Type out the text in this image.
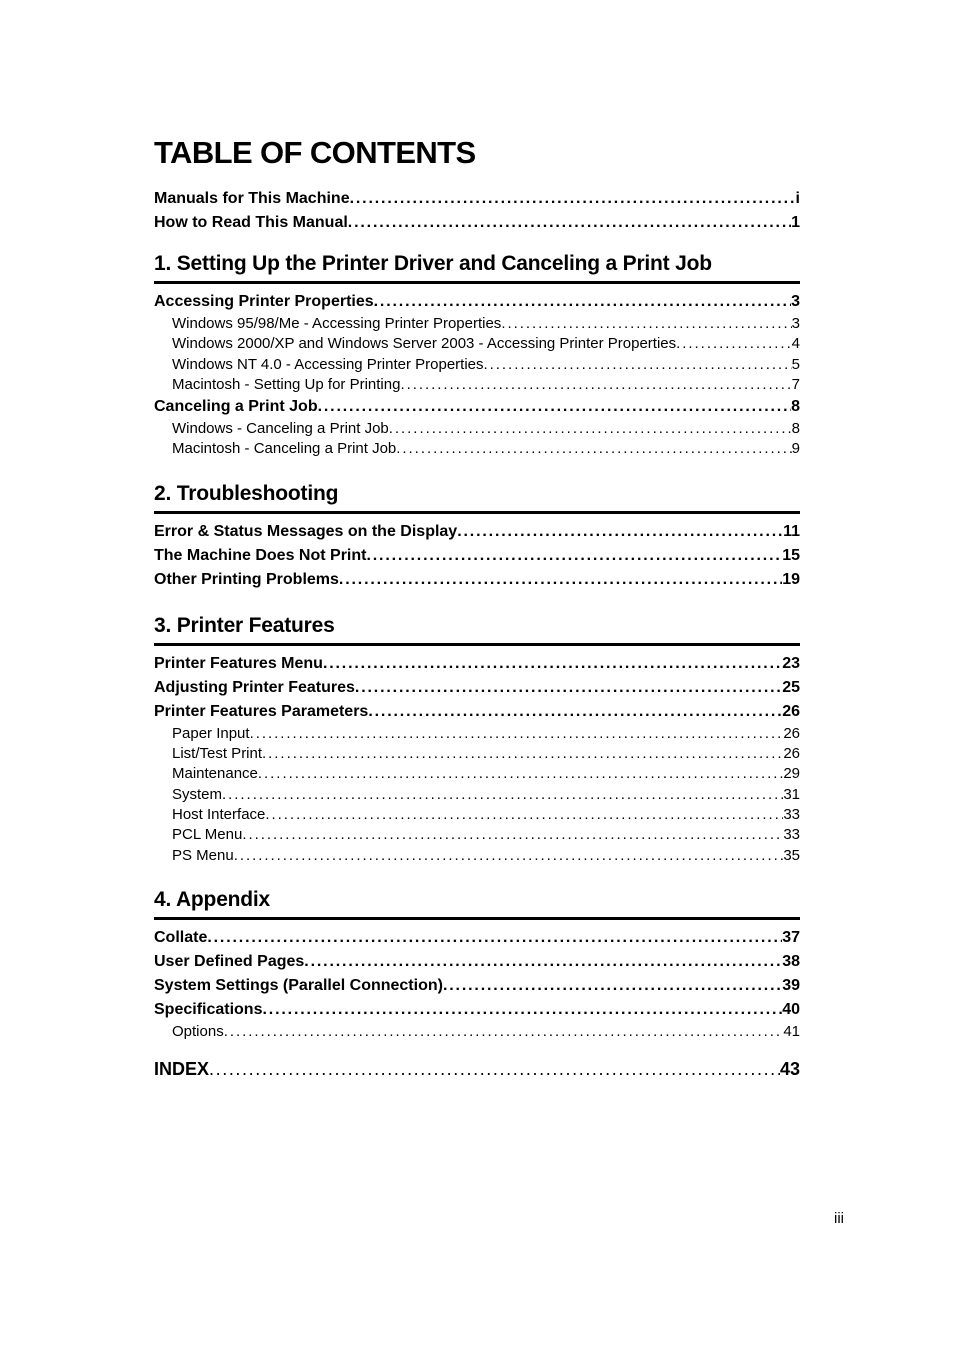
TABLE OF CONTENTS
Manuals for This Machine . . .	i
How to Read This Manual . . .	1
1. Setting Up the Printer Driver and Canceling a Print Job
Accessing Printer Properties . . .	3
Windows 95/98/Me - Accessing Printer Properties . . .	3
Windows 2000/XP and Windows Server 2003 - Accessing Printer Properties . . .	4
Windows NT 4.0 - Accessing Printer Properties . . .	5
Macintosh - Setting Up for Printing . . .	7
Canceling a Print Job . . .	8
Windows - Canceling a Print Job . . .	8
Macintosh - Canceling a Print Job . . .	9
2. Troubleshooting
Error & Status Messages on the Display . . .	11
The Machine Does Not Print . . .	15
Other Printing Problems . . .	19
3. Printer Features
Printer Features Menu . . .	23
Adjusting Printer Features . . .	25
Printer Features Parameters . . .	26
Paper Input . . .	26
List/Test Print . . .	26
Maintenance . . .	29
System . . .	31
Host Interface . . .	33
PCL Menu . . .	33
PS Menu . . .	35
4. Appendix
Collate . . .	37
User Defined Pages . . .	38
System Settings (Parallel Connection) . . .	39
Specifications . . .	40
Options . . .	41
INDEX . . .	43
iii
